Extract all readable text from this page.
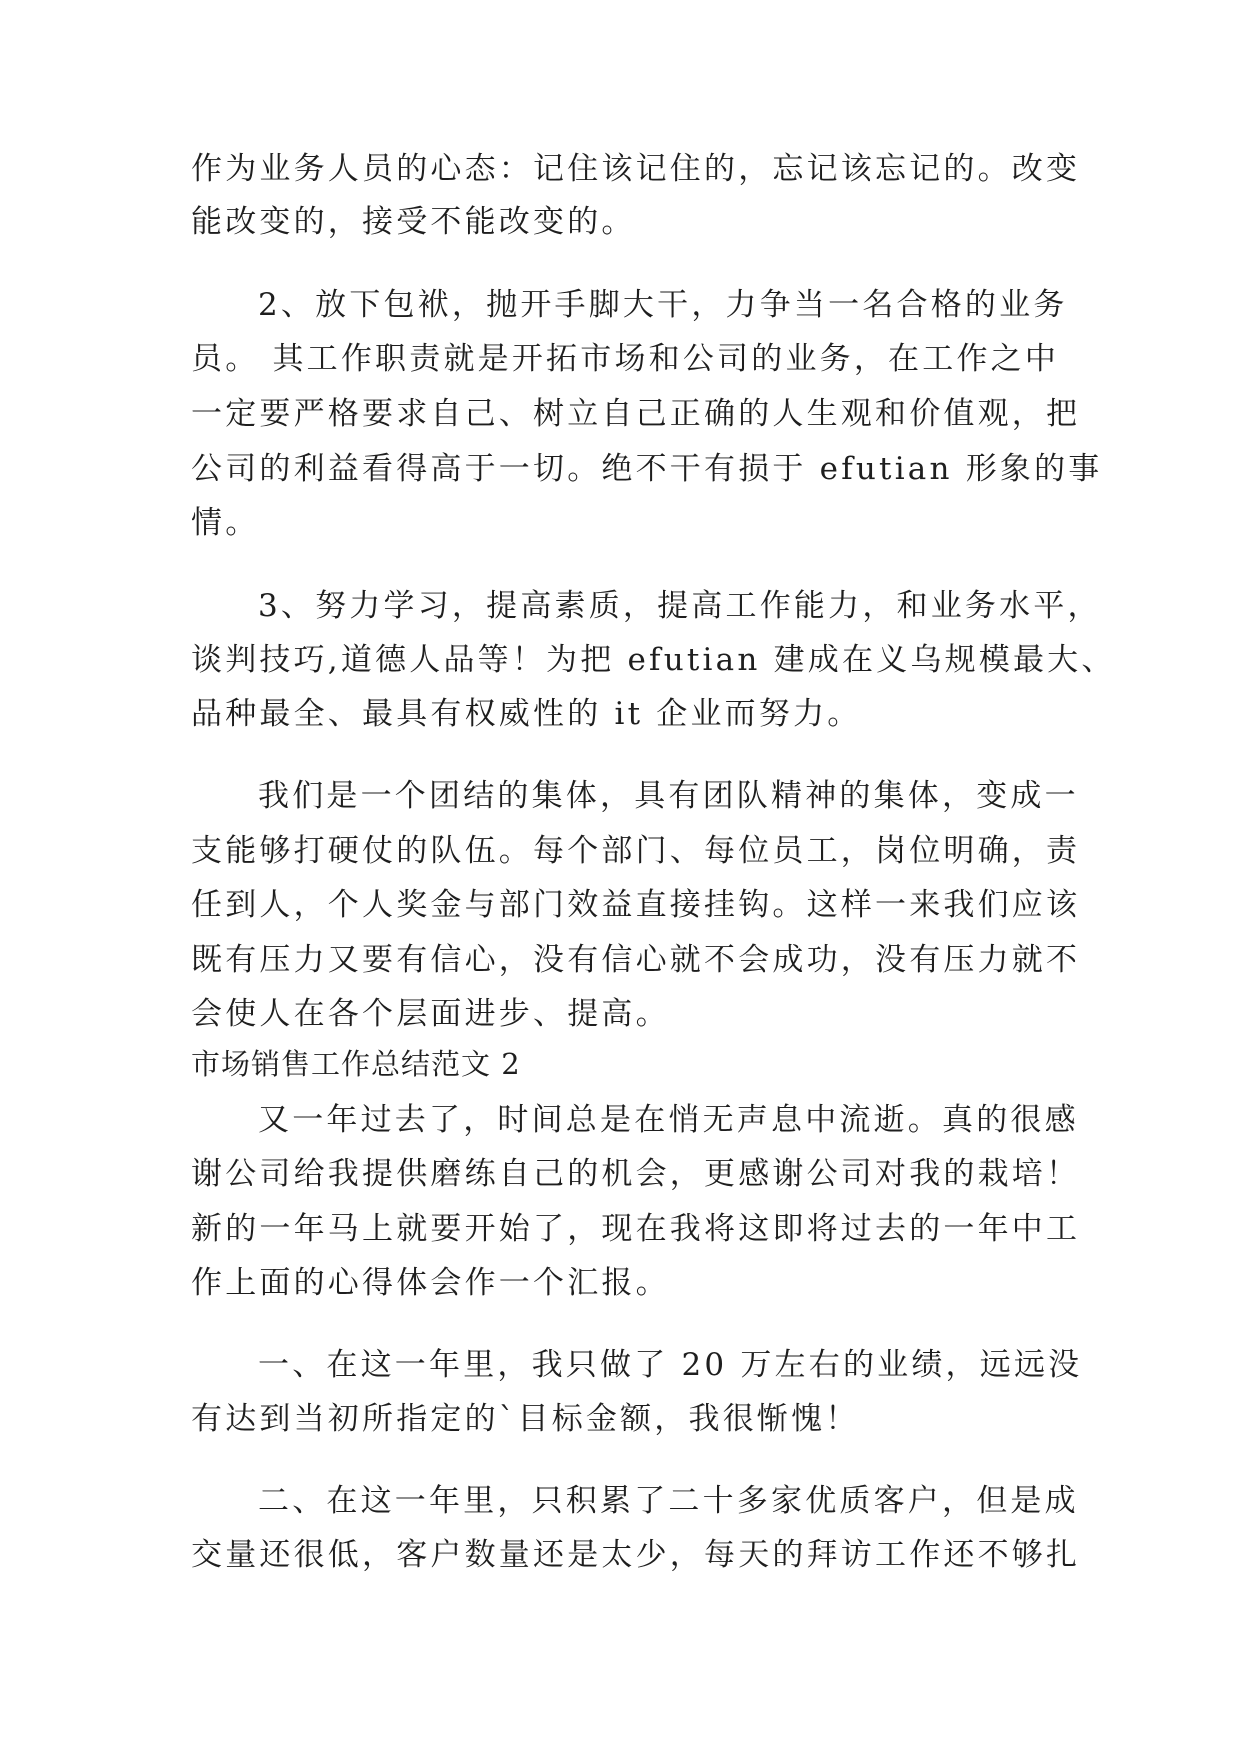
作为业务人员的心态：记住该记住的，忘记该忘记的。改变
能改变的，接受不能改变的。
2、放下包袱，抛开手脚大干，力争当一名合格的业务
员。 其工作职责就是开拓市场和公司的业务，在工作之中
一定要严格要求自己、树立自己正确的人生观和价值观，把
公司的利益看得高于一切。绝不干有损于 efutian 形象的事
情。
3、努力学习，提高素质，提高工作能力，和业务水平，
谈判技巧,道德人品等！为把 efutian 建成在义乌规模最大、
品种最全、最具有权威性的 it 企业而努力。
我们是一个团结的集体，具有团队精神的集体，变成一
支能够打硬仗的队伍。每个部门、每位员工，岗位明确，责
任到人，个人奖金与部门效益直接挂钩。这样一来我们应该
既有压力又要有信心，没有信心就不会成功，没有压力就不
会使人在各个层面进步、提高。
市场销售工作总结范文 2
又一年过去了，时间总是在悄无声息中流逝。真的很感
谢公司给我提供磨练自己的机会，更感谢公司对我的栽培！
新的一年马上就要开始了，现在我将这即将过去的一年中工
作上面的心得体会作一个汇报。
一、在这一年里，我只做了 20 万左右的业绩，远远没
有达到当初所指定的`目标金额，我很惭愧！
二、在这一年里，只积累了二十多家优质客户，但是成
交量还很低，客户数量还是太少，每天的拜访工作还不够扎
